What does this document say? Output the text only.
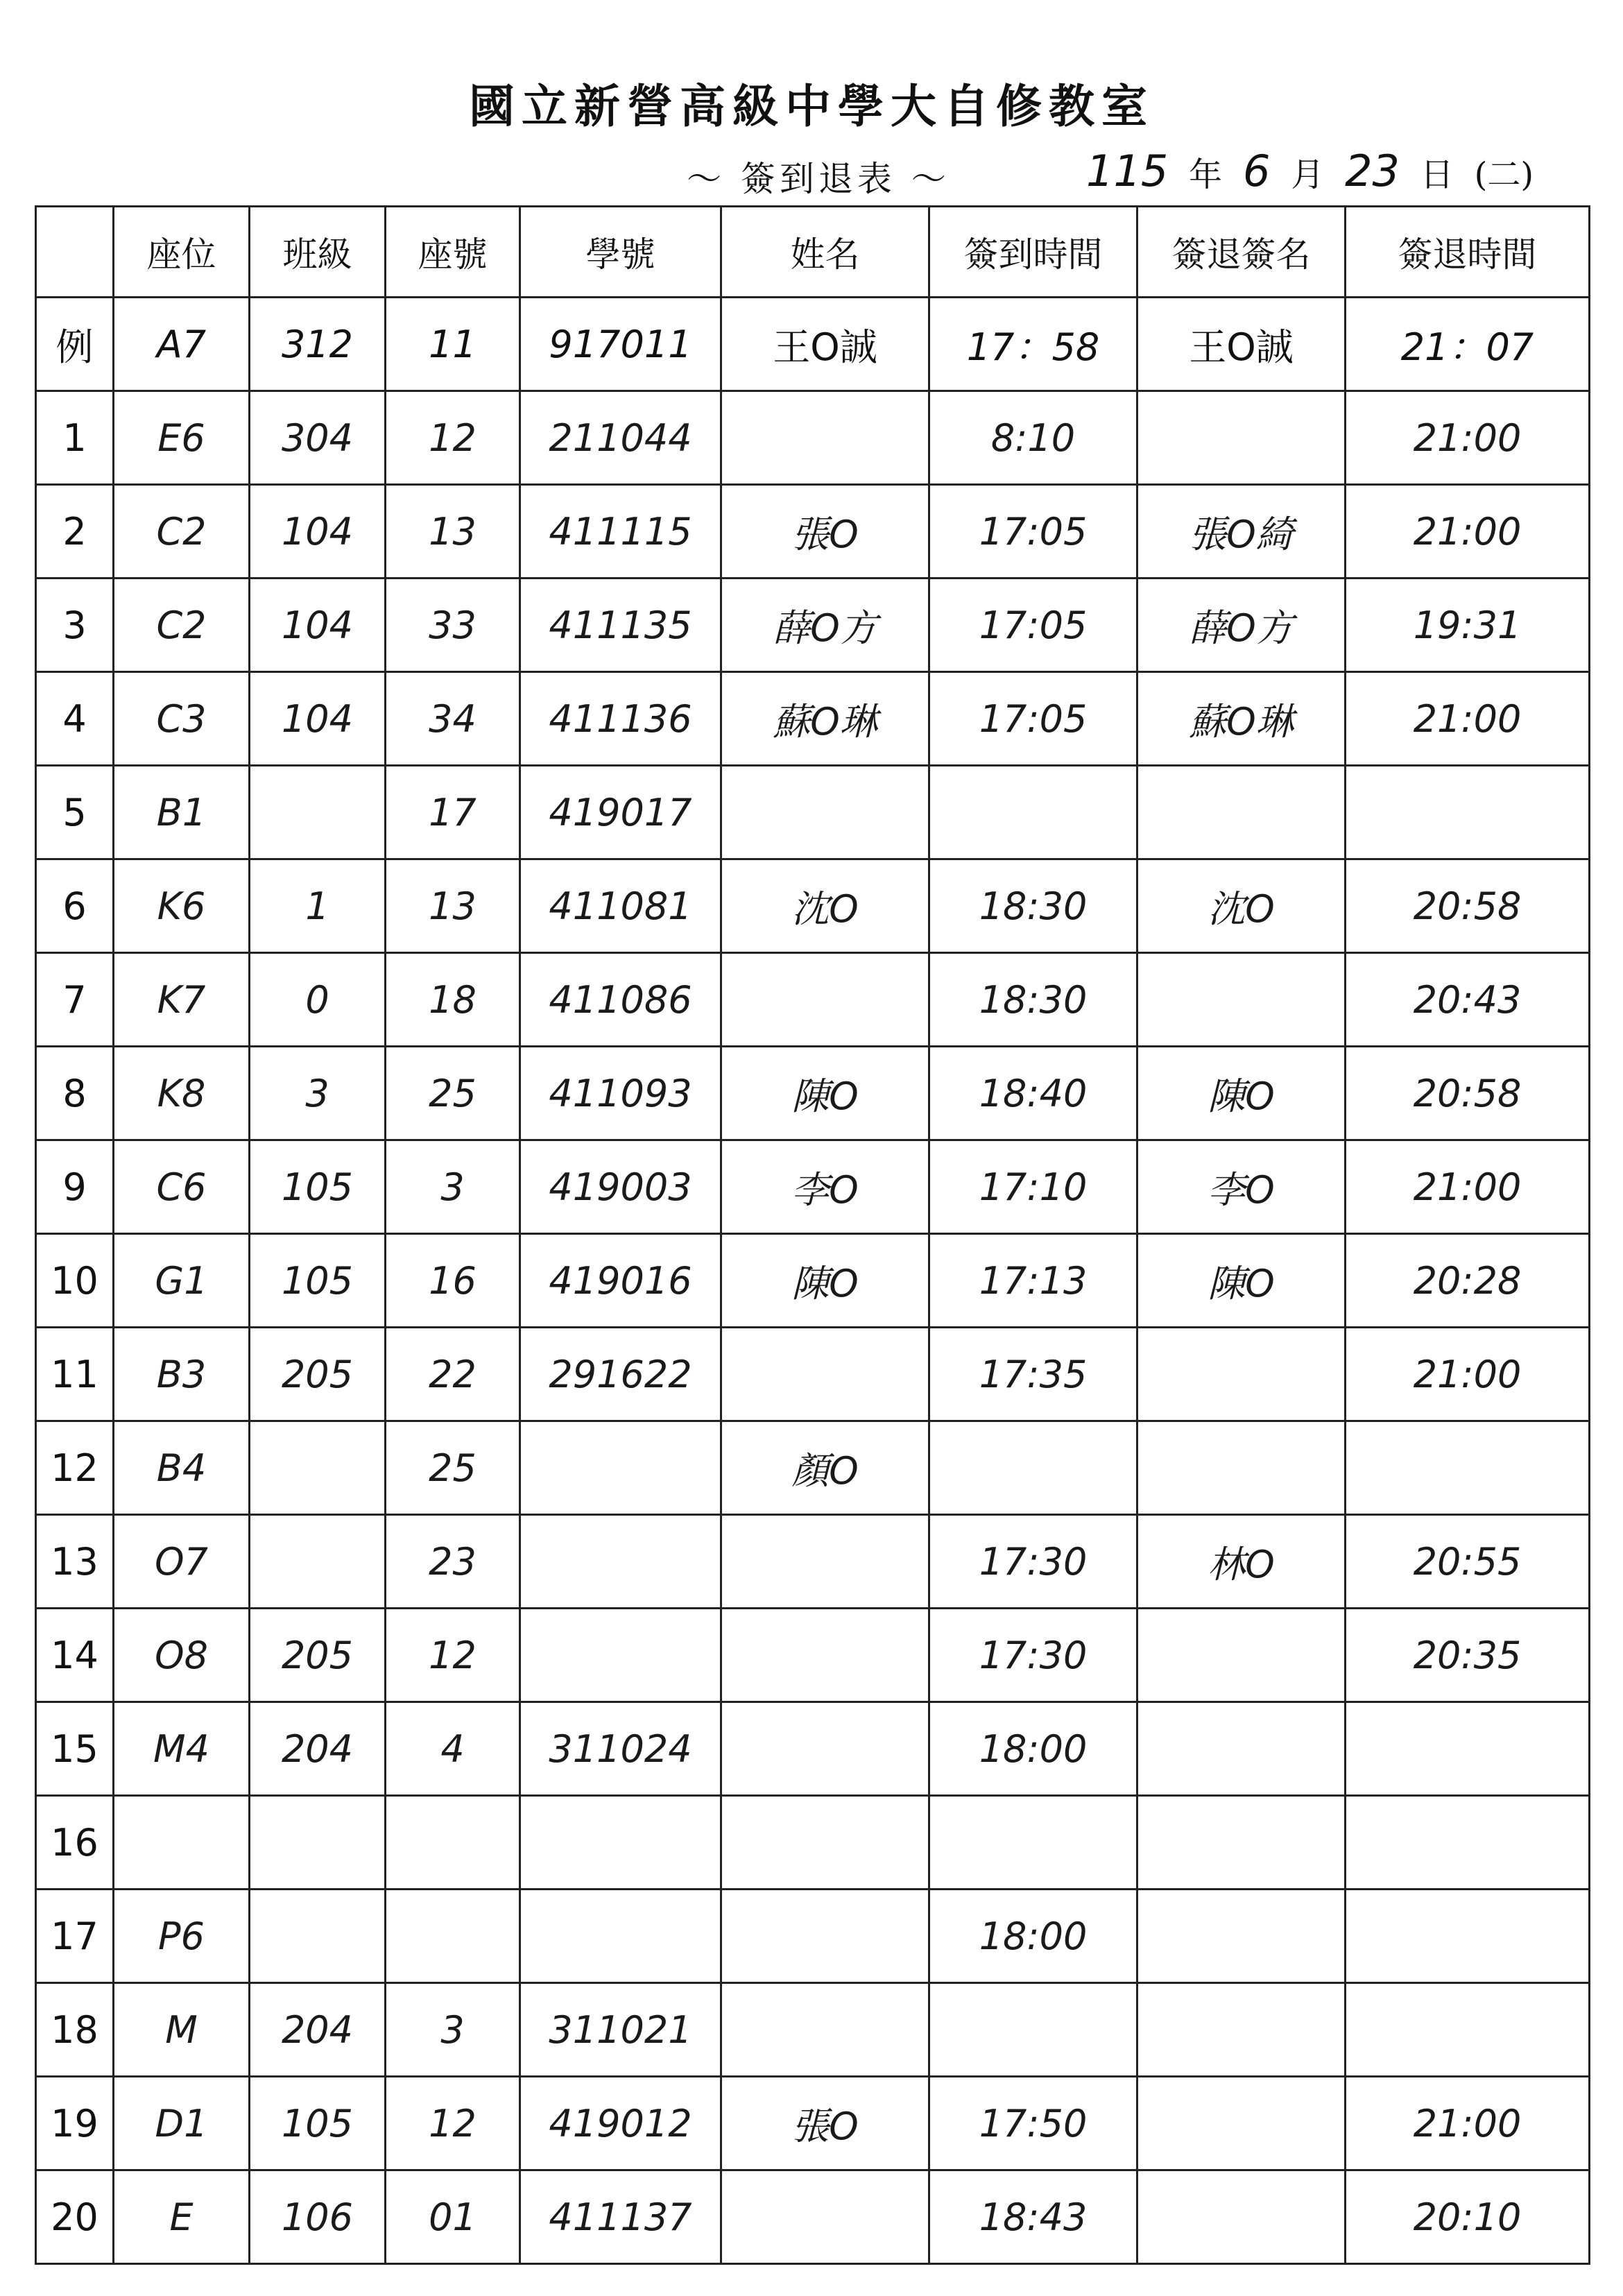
國立新營高級中學大自修教室
～ 簽到退表 ～	115 年 6 月 23 日 (二)
	座位	班級	座號	學號	姓名	簽到時間	簽退簽名	簽退時間
例	A7	312	11	917011	王O誠	17：58	王O誠	21：07
1	E6	304	12	211044		8:10		21:00
2	C2	104	13	411115	張O	17:05	張O綺	21:00
3	C2	104	33	411135	薛O方	17:05	薛O方	19:31
4	C3	104	34	411136	蘇O琳	17:05	蘇O琳	21:00
5	B1		17	419017				
6	K6	1	13	411081	沈O	18:30	沈O	20:58
7	K7	0	18	411086		18:30		20:43
8	K8	3	25	411093	陳O	18:40	陳O	20:58
9	C6	105	3	419003	李O	17:10	李O	21:00
10	G1	105	16	419016	陳O	17:13	陳O	20:28
11	B3	205	22	291622		17:35		21:00
12	B4		25		顏O			
13	O7		23			17:30	林O	20:55
14	O8	205	12			17:30		20:35
15	M4	204	4	311024		18:00		
16								
17	P6					18:00		
18	M	204	3	311021				
19	D1	105	12	419012	張O	17:50		21:00
20	E	106	01	411137		18:43		20:10
